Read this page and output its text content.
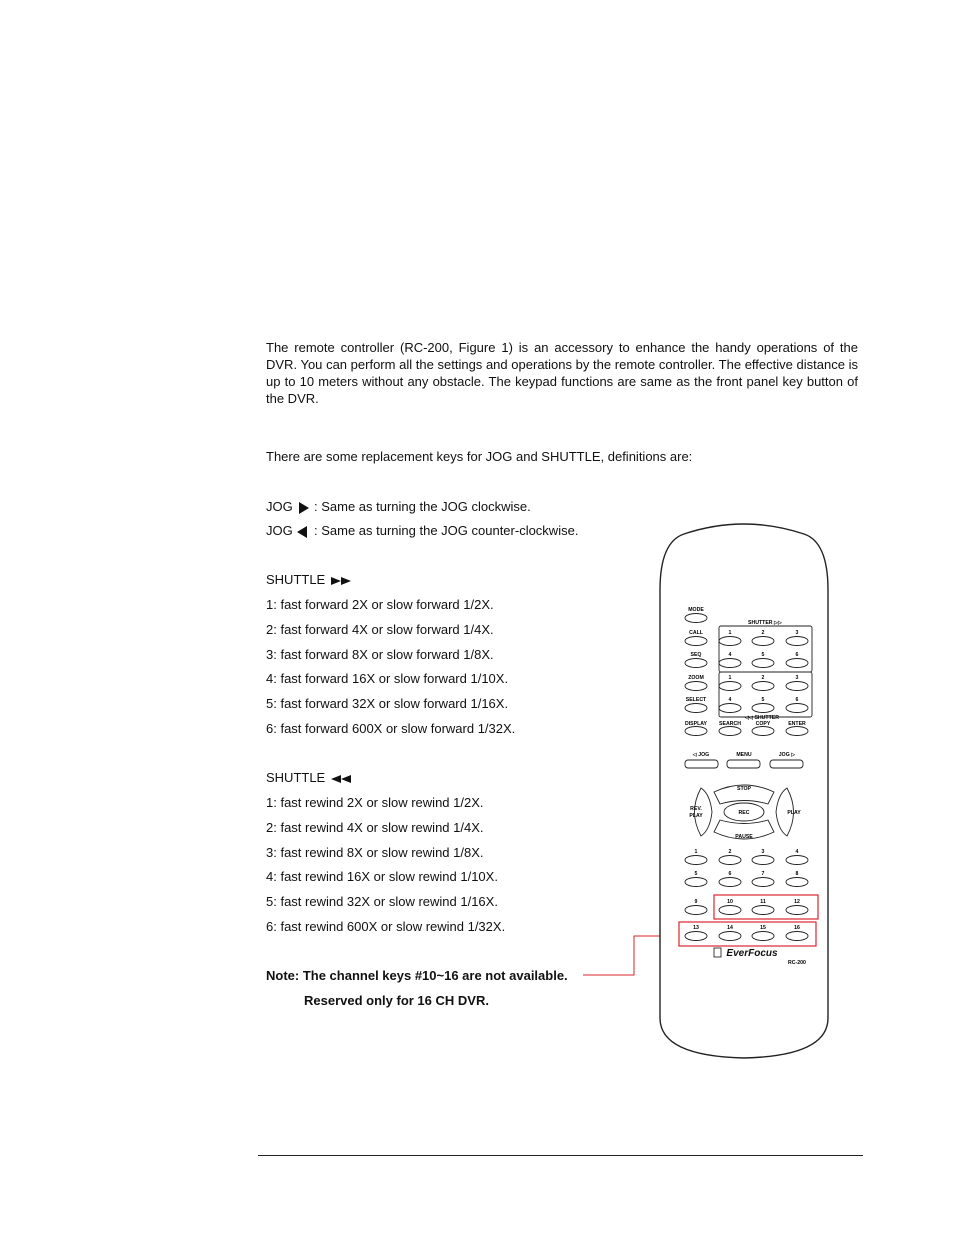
The remote controller (RC-200, Figure 1) is an accessory to enhance the handy operations of the DVR. You can perform all the settings and operations by the remote controller. The effective distance is up to 10 meters without any obstacle. The keypad functions are same as the front panel key button of the DVR.

There are some replacement keys for JOG and SHUTTLE, definitions are:
JOG : Same as turning the JOG clockwise.
JOG : Same as turning the JOG counter-clockwise.
SHUTTLE
1: fast forward 2X or slow forward 1/2X.
2: fast forward 4X or slow forward 1/4X.
3: fast forward 8X or slow forward 1/8X.
4: fast forward 16X or slow forward 1/10X.
5: fast forward 32X or slow forward 1/16X.
6: fast forward 600X or slow forward 1/32X.
SHUTTLE
1: fast rewind 2X or slow rewind 1/2X.
2: fast rewind 4X or slow rewind 1/4X.
3: fast rewind 8X or slow rewind 1/8X.
4: fast rewind 16X or slow rewind 1/10X.
5: fast rewind 32X or slow rewind 1/16X.
6: fast rewind 600X or slow rewind 1/32X.
Note: The channel keys #10~16 are not available.
Reserved only for 16 CH DVR.
MODE
CALL
SEQ
ZOOM
SELECT
DISPLAY SEARCH	COPY	ENTER
SHUTTER ▷▷
◁◁ SHUTTER
1	2	3
4	5	6
1	2	3
4	5	6
◁ JOG	MENU	JOG ▷
STOP
REV.
PLAY	REC	PLAY
PAUSE
1	2	3	4
5	6	7	8
9	10	11	12
13	14	15	16
EverFocus
RC-200
